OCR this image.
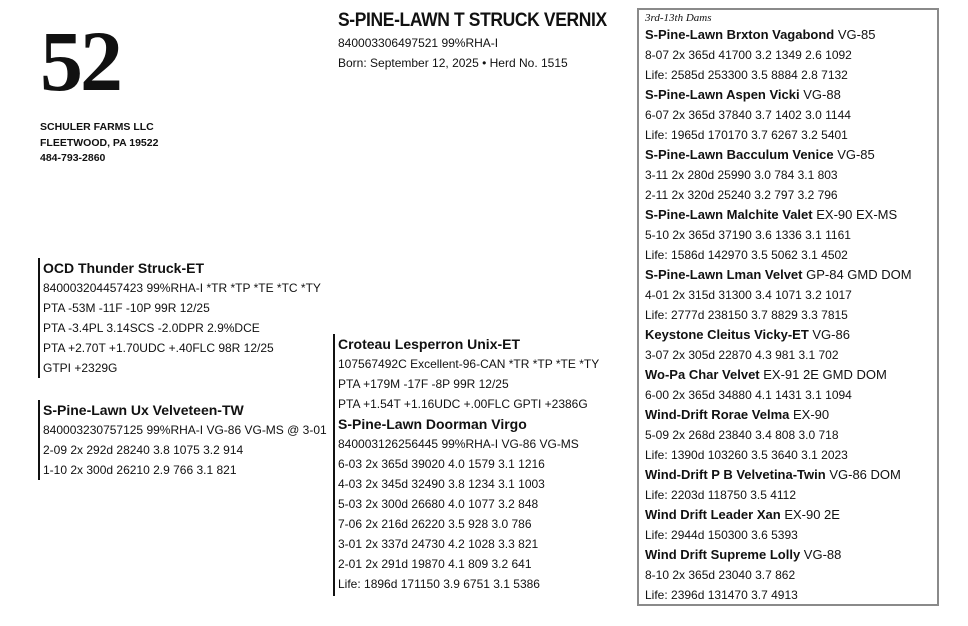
52
SCHULER FARMS LLC
FLEETWOOD, PA 19522
484-793-2860
S-PINE-LAWN T STRUCK VERNIX
840003306497521 99%RHA-I
Born: September 12, 2025 • Herd No. 1515
OCD Thunder Struck-ET
840003204457423 99%RHA-I *TR *TP *TE *TC *TY
PTA -53M -11F -10P 99R 12/25
PTA -3.4PL 3.14SCS -2.0DPR 2.9%DCE
PTA +2.70T +1.70UDC +.40FLC 98R 12/25
GTPI +2329G
S-Pine-Lawn Ux Velveteen-TW
840003230757125 99%RHA-I VG-86 VG-MS @ 3-01
2-09 2x 292d 28240 3.8 1075 3.2 914
1-10 2x 300d 26210 2.9 766 3.1 821
Croteau Lesperron Unix-ET
107567492C Excellent-96-CAN *TR *TP *TE *TY
PTA +179M -17F -8P 99R 12/25
PTA +1.54T +1.16UDC +.00FLC GPTI +2386G
S-Pine-Lawn Doorman Virgo
840003126256445 99%RHA-I VG-86 VG-MS
6-03 2x 365d 39020 4.0 1579 3.1 1216
4-03 2x 345d 32490 3.8 1234 3.1 1003
5-03 2x 300d 26680 4.0 1077 3.2 848
7-06 2x 216d 26220 3.5 928 3.0 786
3-01 2x 337d 24730 4.2 1028 3.3 821
2-01 2x 291d 19870 4.1 809 3.2 641
Life: 1896d 171150 3.9 6751 3.1 5386
3rd-13th Dams
S-Pine-Lawn Brxton Vagabond VG-85
8-07 2x 365d 41700 3.2 1349 2.6 1092
Life: 2585d 253300 3.5 8884 2.8 7132
S-Pine-Lawn Aspen Vicki VG-88
6-07 2x 365d 37840 3.7 1402 3.0 1144
Life: 1965d 170170 3.7 6267 3.2 5401
S-Pine-Lawn Bacculum Venice VG-85
3-11 2x 280d 25990 3.0 784 3.1 803
2-11 2x 320d 25240 3.2 797 3.2 796
S-Pine-Lawn Malchite Valet EX-90 EX-MS
5-10 2x 365d 37190 3.6 1336 3.1 1161
Life: 1586d 142970 3.5 5062 3.1 4502
S-Pine-Lawn Lman Velvet GP-84 GMD DOM
4-01 2x 315d 31300 3.4 1071 3.2 1017
Life: 2777d 238150 3.7 8829 3.3 7815
Keystone Cleitus Vicky-ET VG-86
3-07 2x 305d 22870 4.3 981 3.1 702
Wo-Pa Char Velvet EX-91 2E GMD DOM
6-00 2x 365d 34880 4.1 1431 3.1 1094
Wind-Drift Rorae Velma EX-90
5-09 2x 268d 23840 3.4 808 3.0 718
Life: 1390d 103260 3.5 3640 3.1 2023
Wind-Drift P B Velvetina-Twin VG-86 DOM
Life: 2203d 118750 3.5 4112
Wind Drift Leader Xan EX-90 2E
Life: 2944d 150300 3.6 5393
Wind Drift Supreme Lolly VG-88
8-10 2x 365d 23040 3.7 862
Life: 2396d 131470 3.7 4913
